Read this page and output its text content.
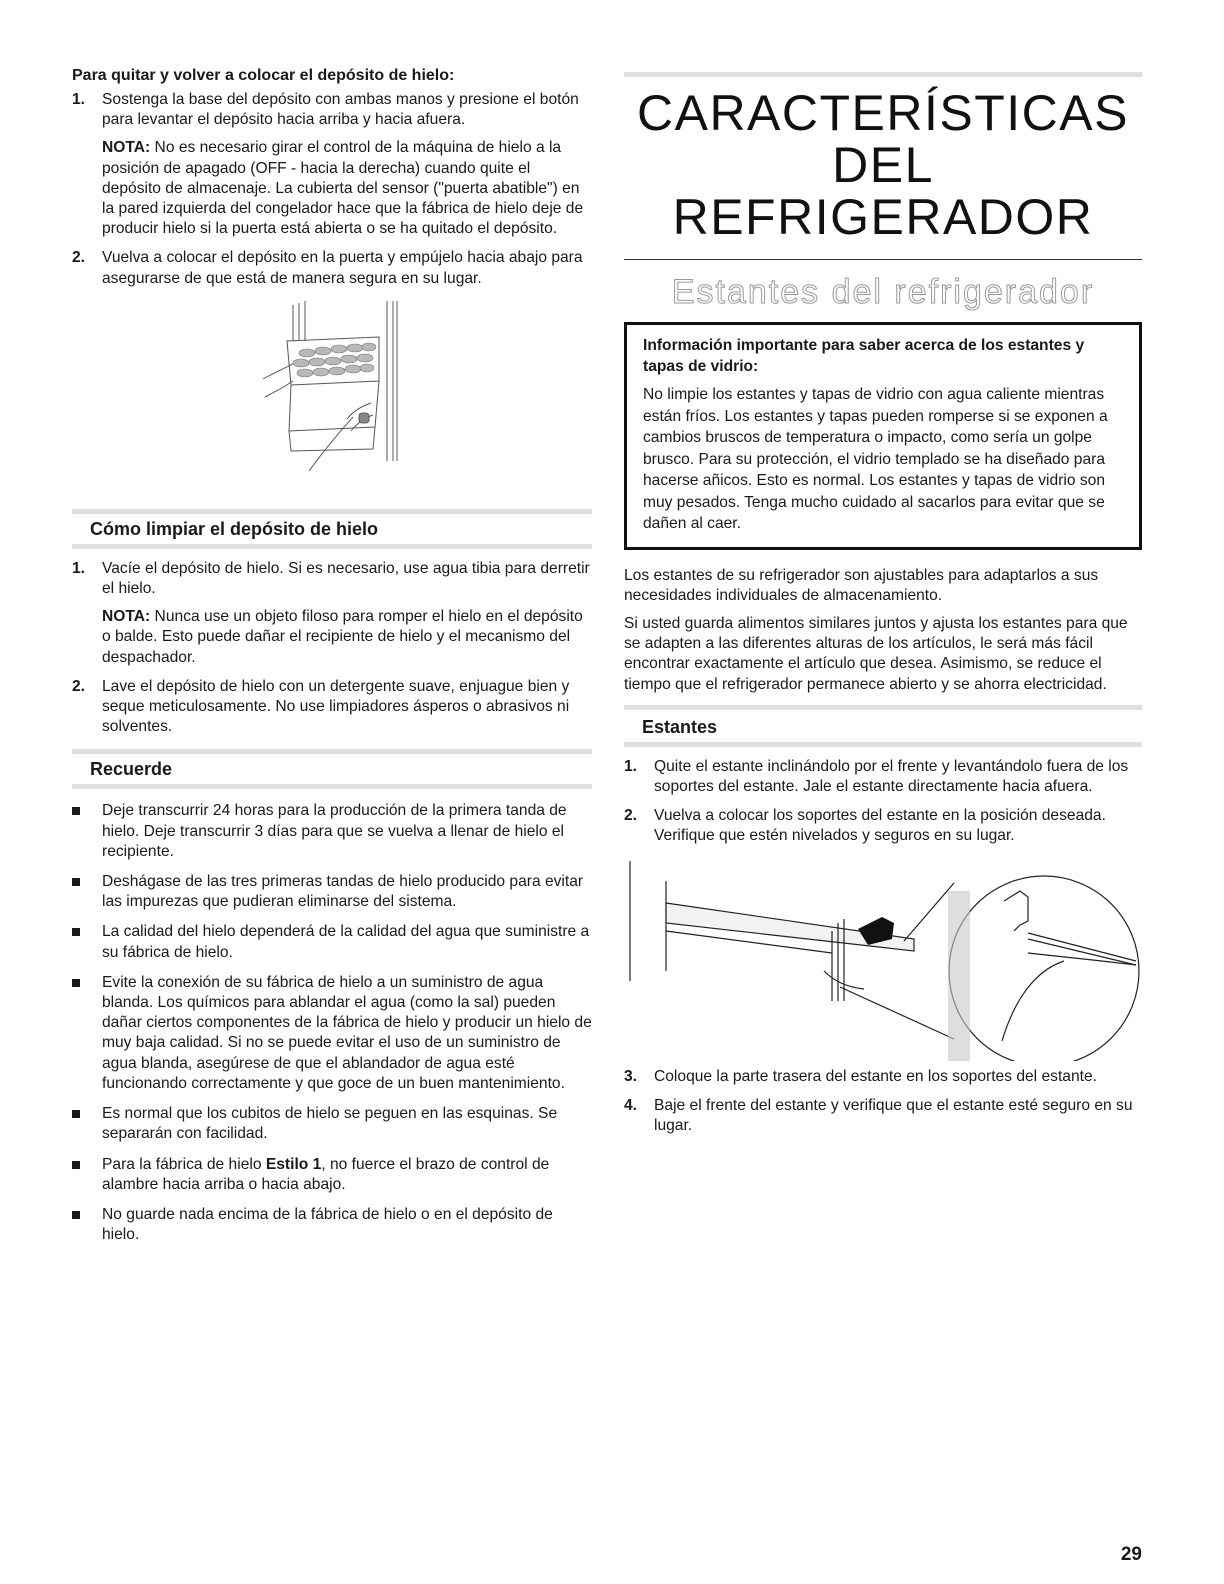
Para quitar y volver a colocar el depósito de hielo:

1. Sostenga la base del depósito con ambas manos y presione el botón para levantar el depósito hacia arriba y hacia afuera.

NOTA: No es necesario girar el control de la máquina de hielo a la posición de apagado (OFF - hacia la derecha) cuando quite el depósito de almacenaje. La cubierta del sensor ("puerta abatible") en la pared izquierda del congelador hace que la fábrica de hielo deje de producir hielo si la puerta está abierta o se ha quitado el depósito.

2. Vuelva a colocar el depósito en la puerta y empújelo hacia abajo para asegurarse de que está de manera segura en su lugar.

Cómo limpiar el depósito de hielo

1. Vacíe el depósito de hielo. Si es necesario, use agua tibia para derretir el hielo.

NOTA: Nunca use un objeto filoso para romper el hielo en el depósito o balde. Esto puede dañar el recipiente de hielo y el mecanismo del despachador.

2. Lave el depósito de hielo con un detergente suave, enjuague bien y seque meticulosamente. No use limpiadores ásperos o abrasivos ni solventes.

Recuerde

Deje transcurrir 24 horas para la producción de la primera tanda de hielo. Deje transcurrir 3 días para que se vuelva a llenar de hielo el recipiente.

Deshágase de las tres primeras tandas de hielo producido para evitar las impurezas que pudieran eliminarse del sistema.

La calidad del hielo dependerá de la calidad del agua que suministre a su fábrica de hielo.

Evite la conexión de su fábrica de hielo a un suministro de agua blanda. Los químicos para ablandar el agua (como la sal) pueden dañar ciertos componentes de la fábrica de hielo y producir un hielo de muy baja calidad. Si no se puede evitar el uso de un suministro de agua blanda, asegúrese de que el ablandador de agua esté funcionando correctamente y que goce de un buen mantenimiento.

Es normal que los cubitos de hielo se peguen en las esquinas. Se separarán con facilidad.

Para la fábrica de hielo Estilo 1, no fuerce el brazo de control de alambre hacia arriba o hacia abajo.

No guarde nada encima de la fábrica de hielo o en el depósito de hielo.

CARACTERÍSTICAS DEL

REFRIGERADOR

Estantes del refrigerador

Información importante para saber acerca de los estantes y tapas de vidrio:

No limpie los estantes y tapas de vidrio con agua caliente mientras están fríos. Los estantes y tapas pueden romperse si se exponen a cambios bruscos de temperatura o impacto, como sería un golpe brusco. Para su protección, el vidrio templado se ha diseñado para hacerse añicos. Esto es normal. Los estantes y tapas de vidrio son muy pesados. Tenga mucho cuidado al sacarlos para evitar que se dañen al caer.

Los estantes de su refrigerador son ajustables para adaptarlos a sus necesidades individuales de almacenamiento.

Si usted guarda alimentos similares juntos y ajusta los estantes para que se adapten a las diferentes alturas de los artículos, le será más fácil encontrar exactamente el artículo que desea. Asimismo, se reduce el tiempo que el refrigerador permanece abierto y se ahorra electricidad.

Estantes

1. Quite el estante inclinándolo por el frente y levantándolo fuera de los soportes del estante. Jale el estante directamente hacia afuera.

2. Vuelva a colocar los soportes del estante en la posición deseada. Verifique que estén nivelados y seguros en su lugar.

3. Coloque la parte trasera del estante en los soportes del estante.

4. Baje el frente del estante y verifique que el estante esté seguro en su lugar.

29
